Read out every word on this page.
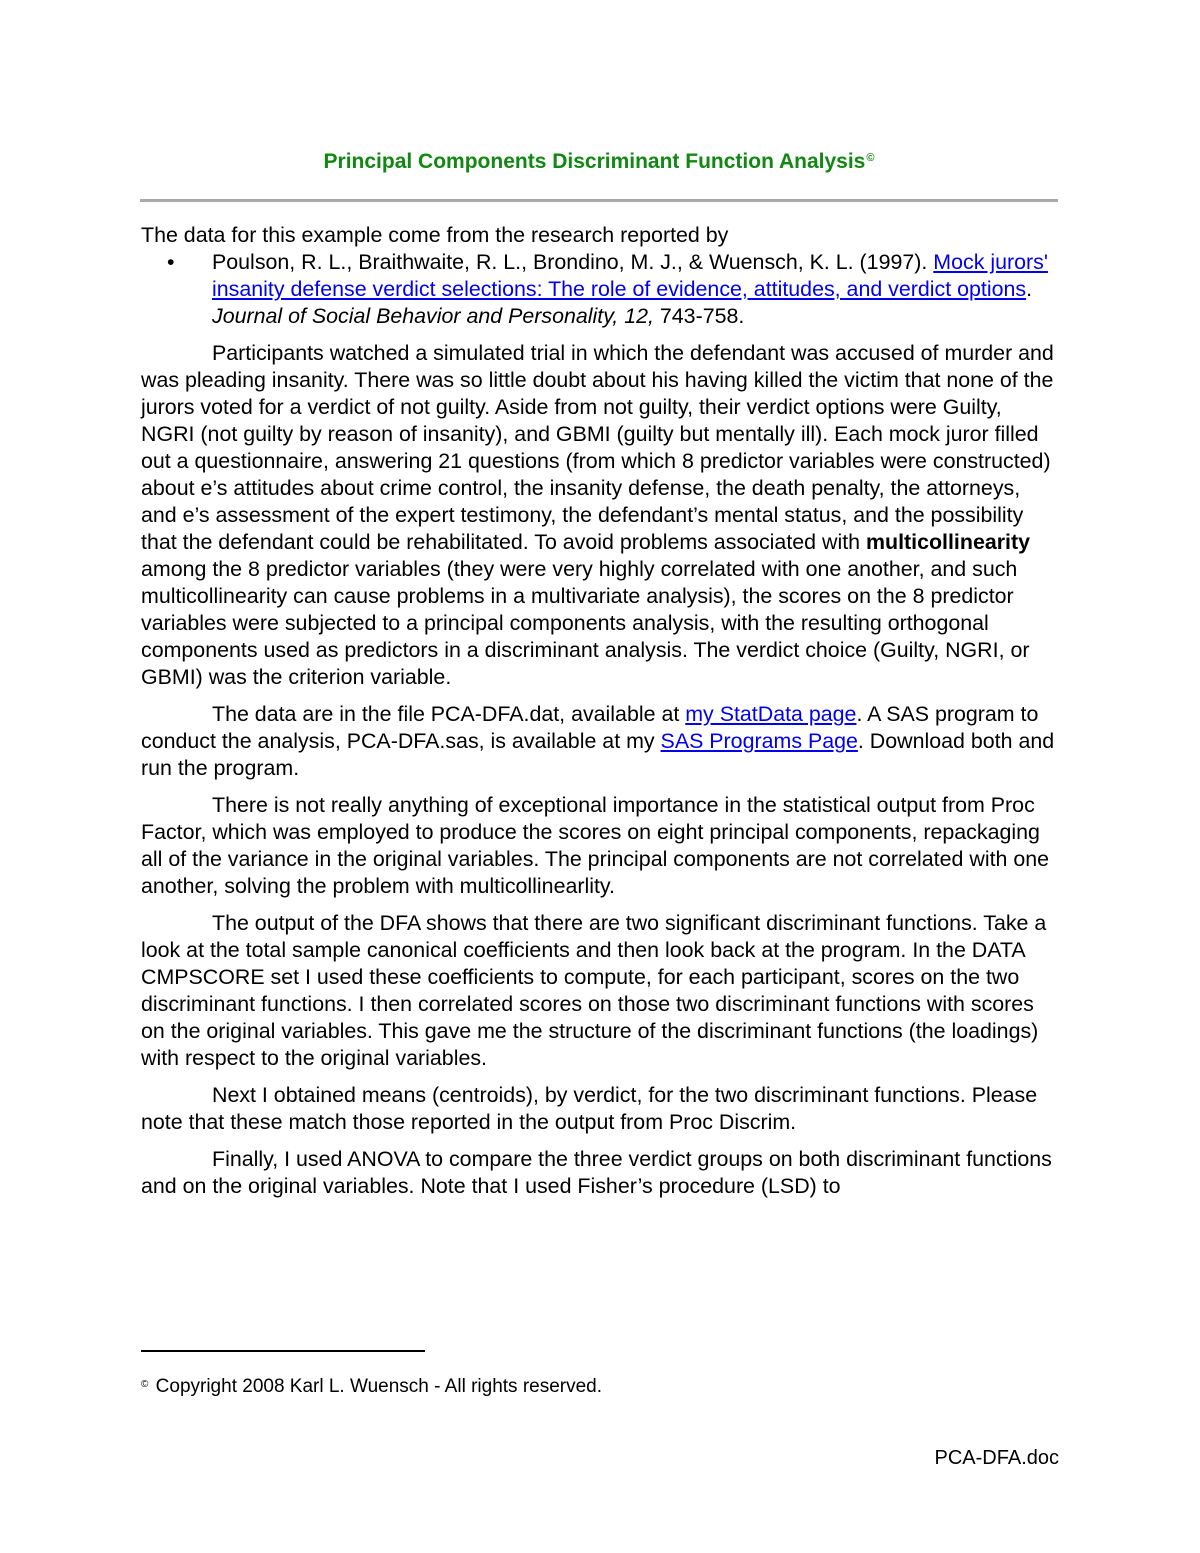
Principal Components Discriminant Function Analysis©

The data for this example come from the research reported by

• Poulson, R. L., Braithwaite, R. L., Brondino, M. J., & Wuensch, K. L. (1997). Mock jurors' insanity defense verdict selections: The role of evidence, attitudes, and verdict options. Journal of Social Behavior and Personality, 12, 743-758.

Participants watched a simulated trial in which the defendant was accused of murder and was pleading insanity. There was so little doubt about his having killed the victim that none of the jurors voted for a verdict of not guilty. Aside from not guilty, their verdict options were Guilty, NGRI (not guilty by reason of insanity), and GBMI (guilty but mentally ill). Each mock juror filled out a questionnaire, answering 21 questions (from which 8 predictor variables were constructed) about e’s attitudes about crime control, the insanity defense, the death penalty, the attorneys, and e’s assessment of the expert testimony, the defendant’s mental status, and the possibility that the defendant could be rehabilitated. To avoid problems associated with multicollinearity among the 8 predictor variables (they were very highly correlated with one another, and such multicollinearity can cause problems in a multivariate analysis), the scores on the 8 predictor variables were subjected to a principal components analysis, with the resulting orthogonal components used as predictors in a discriminant analysis. The verdict choice (Guilty, NGRI, or GBMI) was the criterion variable.

The data are in the file PCA-DFA.dat, available at my StatData page. A SAS program to conduct the analysis, PCA-DFA.sas, is available at my SAS Programs Page. Download both and run the program.

There is not really anything of exceptional importance in the statistical output from Proc Factor, which was employed to produce the scores on eight principal components, repackaging all of the variance in the original variables. The principal components are not correlated with one another, solving the problem with multicollinearlity.

The output of the DFA shows that there are two significant discriminant functions. Take a look at the total sample canonical coefficients and then look back at the program. In the DATA CMPSCORE set I used these coefficients to compute, for each participant, scores on the two discriminant functions. I then correlated scores on those two discriminant functions with scores on the original variables. This gave me the structure of the discriminant functions (the loadings) with respect to the original variables.

Next I obtained means (centroids), by verdict, for the two discriminant functions. Please note that these match those reported in the output from Proc Discrim.

Finally, I used ANOVA to compare the three verdict groups on both discriminant functions and on the original variables. Note that I used Fisher’s procedure (LSD) to

© Copyright 2008 Karl L. Wuensch - All rights reserved.
PCA-DFA.doc
